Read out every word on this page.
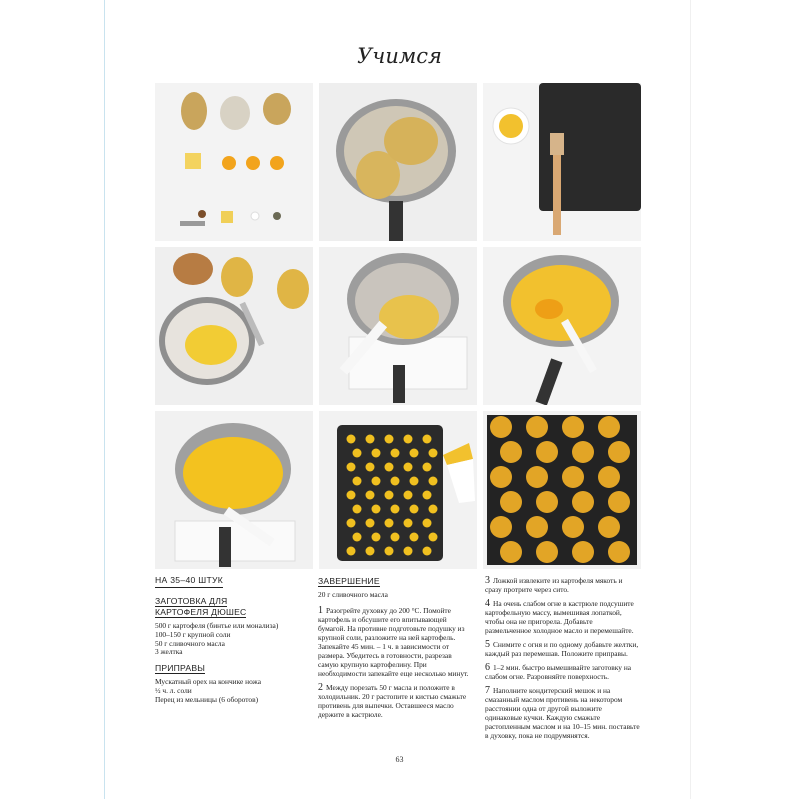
Учимся
НА 35–40 ШТУК
ЗАГОТОВКА ДЛЯ
КАРТОФЕЛЯ ДЮШЕС
500 г картофеля (бинтье или монализа)
100–150 г крупной соли
50 г сливочного масла
3 желтка
ПРИПРАВЫ
Мускатный орех на кончике ножа
½ ч. л. соли
Перец из мельницы (6 оборотов)
ЗАВЕРШЕНИЕ
20 г сливочного масла
1 Разогрейте духовку до 200 °С. Помойте картофель и обсушите его впитывающей бумагой. На противне подготовьте подушку из крупной соли, разложите на ней картофель. Запекайте 45 мин. – 1 ч. в зависимости от размера. Убедитесь в готовности, разрезав самую крупную картофелину. При необходимости запекайте еще несколько минут.
2 Между порезать 50 г масла и положите в холодильник. 20 г растопите и кистью смажьте противень для выпечки. Оставшееся масло держите в кастрюле.
3 Ложкой извлеките из картофеля мякоть и сразу протрите через сито.
4 На очень слабом огне в кастрюле подсушите картофельную массу, вымешивая лопаткой, чтобы она не пригорела. Добавьте размельченное холодное масло и перемешайте.
5 Снимите с огня и по одному добавьте желтки, каждый раз перемешав. Положите приправы.
6 1–2 мин. быстро вымешивайте заготовку на слабом огне. Разровняйте поверхность.
7 Наполните кондитерский мешок и на смазанный маслом противень на некотором расстоянии одна от другой выложите одинаковые кучки. Каждую смажьте растопленным маслом и на 10–15 мин. поставьте в духовку, пока не подрумянятся.
63
